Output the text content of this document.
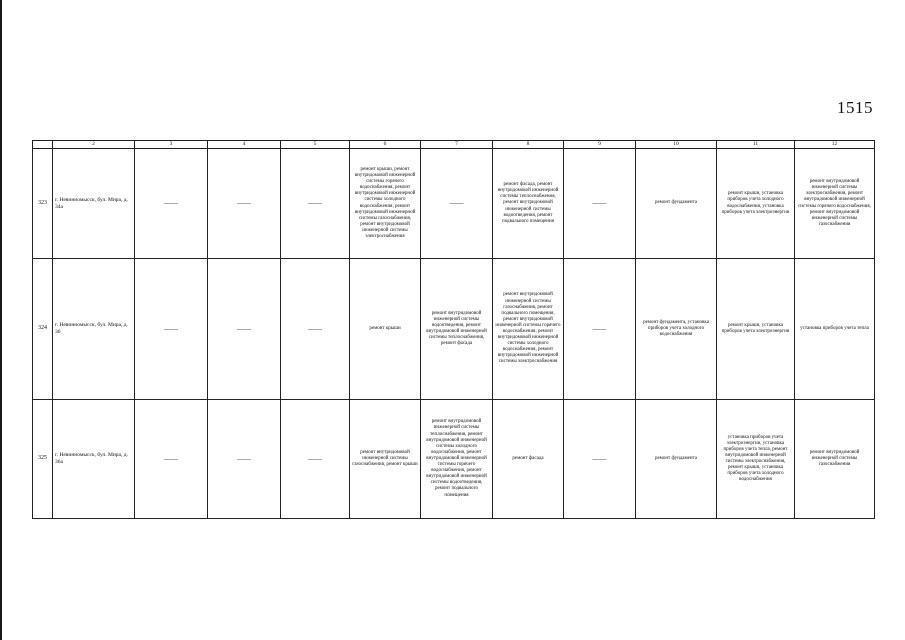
1515
	2	3	4	5	6	7	8	9	10	11	12
323	г. Невинномысск, бул. Мира, д. 34а	——	——	——	ремонт крыши, ремонт внутридомовой инженерной системы горячего водоснабжения, ремонт внутридомовой инженерной системы холодного водоснабжения, ремонт внутридомовой инженерной системы газоснабжения, ремонт внутридомовой инженерной системы электроснабжения	——	ремонт фасада, ремонт внутридомовой инженерной системы теплоснабжения, ремонт внутридомовой инженерной системы водоотведения, ремонт подвального помещения	——	ремонт фундамента	ремонт крыши, установка приборов учета холодного водоснабжения, установка приборов учета электроэнергии	ремонт внутридомовой инженерной системы электроснабжения, ремонт внутридомовой инженерной системы горячего водоснабжения, ремонт внутридомовой инженерной системы газоснабжения
324	г. Невинномысск, бул. Мира, д. 36	——	——	——	ремонт крыши	ремонт внутридомовой инженерной системы водоотведения, ремонт внутридомовой инженерной системы теплоснабжения, ремонт фасада	ремонт внутридомовой инженерной системы газоснабжения, ремонт подвального помещения, ремонт внутридомовой инженерной системы горячего водоснабжения, ремонт внутридомовой инженерной системы холодного водоснабжения, ремонт внутридомовой инженерной системы электроснабжения	——	ремонт фундамента, установка приборов учета холодного водоснабжения	ремонт крыши, установка приборов учета электроэнергии	установка приборов учета тепла
325	г. Невинномысск, бул. Мира, д. 36а	——	——	——	ремонт внутридомовой инженерной системы газоснабжения, ремонт крыши	ремонт внутридомовой инженерной системы теплоснабжения, ремонт внутридомовой инженерной системы холодного водоснабжения, ремонт внутридомовой инженерной системы горячего водоснабжения, ремонт внутридомовой инженерной системы водоотведения, ремонт подвального помещения	ремонт фасада	——	ремонт фундамента	установка приборов учета электроэнергии, установка приборов учета тепла, ремонт внутридомовой инженерной системы электроснабжения, ремонт крыши, установка приборов учета холодного водоснабжения	ремонт внутридомовой инженерной системы газоснабжения
